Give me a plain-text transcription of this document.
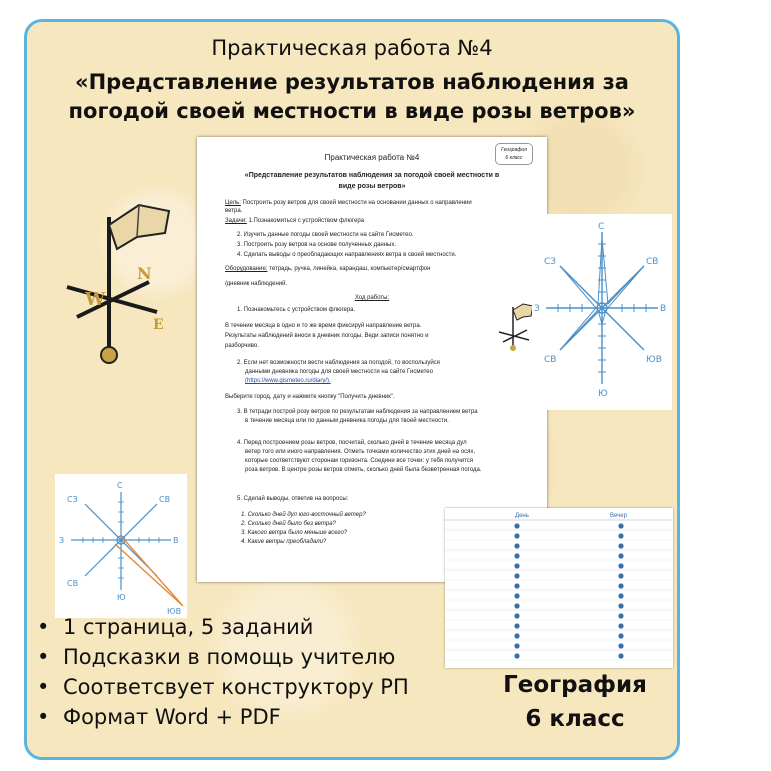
Практическая работа №4
«Представление результатов наблюдения за
погодой своей местности в виде розы ветров»
W
N
E
География
6 класс
Практическая работа №4
«Представление результатов наблюдения за погодой своей местности в
виде розы ветров»
Цель: Построить розу ветров для своей местности на основании данных о направлении
ветра.
Задачи: 1.Познакомиться с устройством флюгера
2. Изучить данные погоды своей местности на сайте Гисметео.
3. Построить розу ветров на основе полученных данных.
4. Сделать выводы о преобладающих направлениях ветра в своей местности.
Оборудование: тетрадь, ручка, линейка, карандаш, компьютер/смартфон
/дневник наблюдений.
Ход работы:
1. Познакомьтесь с устройством флюгера.
В течение месяца в одно и то же время фиксируй направление ветра.
Результаты наблюдений вноси в дневник погоды. Веди записи понятно и
разборчиво.
2. Если нет возможности вести наблюдения за погодой, то воспользуйся
данными дневника погоды для своей местности на сайте Гисметео
(https://www.gismeteo.ru/diary/).
Выберите город, дату и нажмите кнопку "Получить дневник".
3. В тетради построй розу ветров по результатам наблюдения за направлением ветра
в течение месяца или по данным дневника погоды для твоей местности.
4. Перед построением розы ветров, посчитай, сколько дней в течение месяца дул
ветер того или иного направления. Отметь точками количество этих дней на осях,
которые соответствуют сторонам горизонта. Соедини все точки: у тебя получится
роза ветров. В центре розы ветров отметь, сколько дней была безветренная погода.
5. Сделай выводы, ответив на вопросы:
1. Сколько дней дул юго-восточный ветер?
2. Сколько дней было без ветра?
3. Какого ветра было меньше всего?
4. Какие ветры преобладали?
С
Ю
В
З
СВ
СЗ
ЮВ
СВ
С
Ю
В
З
СВ
СЗ
ЮВ
СВ
День	Вечер
• 1 страница, 5 заданий
• Подсказки в помощь учителю
• Соответсвует конструктору РП
• Формат Word + PDF
География
6 класс
